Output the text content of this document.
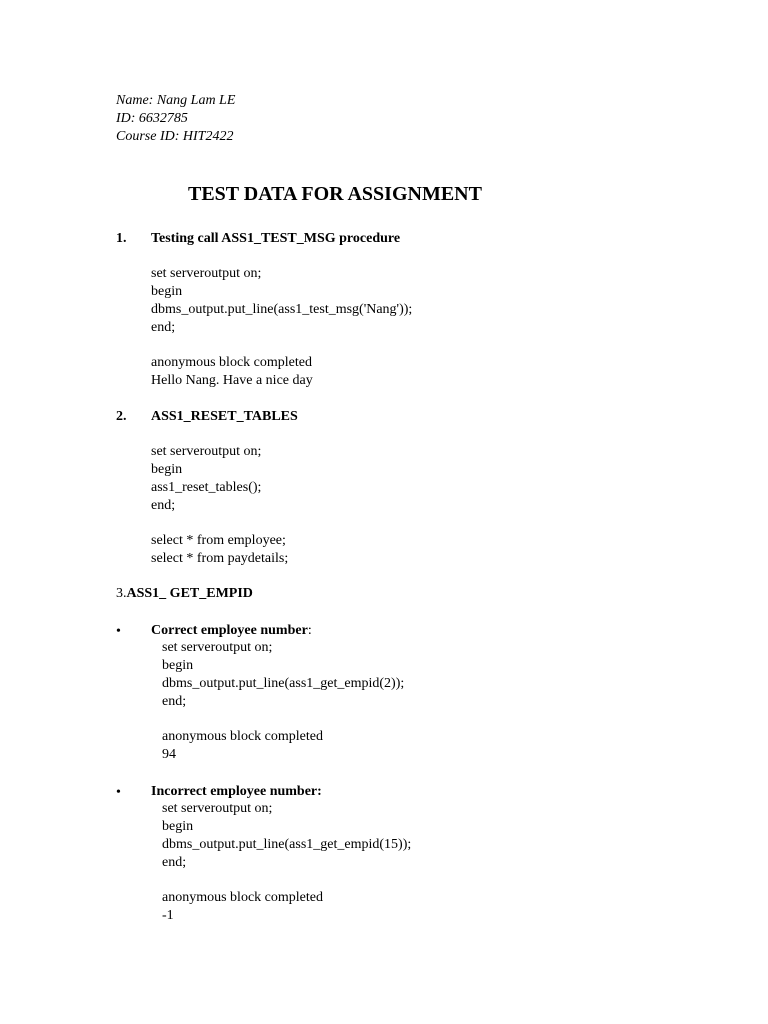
Name: Nang Lam LE
ID: 6632785
Course ID: HIT2422
TEST DATA FOR ASSIGNMENT
1. Testing call ASS1_TEST_MSG procedure
set serveroutput on;
begin
dbms_output.put_line(ass1_test_msg('Nang'));
end;
anonymous block completed
Hello Nang. Have a nice day
2. ASS1_RESET_TABLES
set serveroutput on;
begin
ass1_reset_tables();
end;
select * from employee;
select * from paydetails;
3.ASS1_ GET_EMPID
• Correct employee number:
set serveroutput on;
begin
dbms_output.put_line(ass1_get_empid(2));
end;
anonymous block completed
94
• Incorrect employee number:
set serveroutput on;
begin
dbms_output.put_line(ass1_get_empid(15));
end;
anonymous block completed
-1
